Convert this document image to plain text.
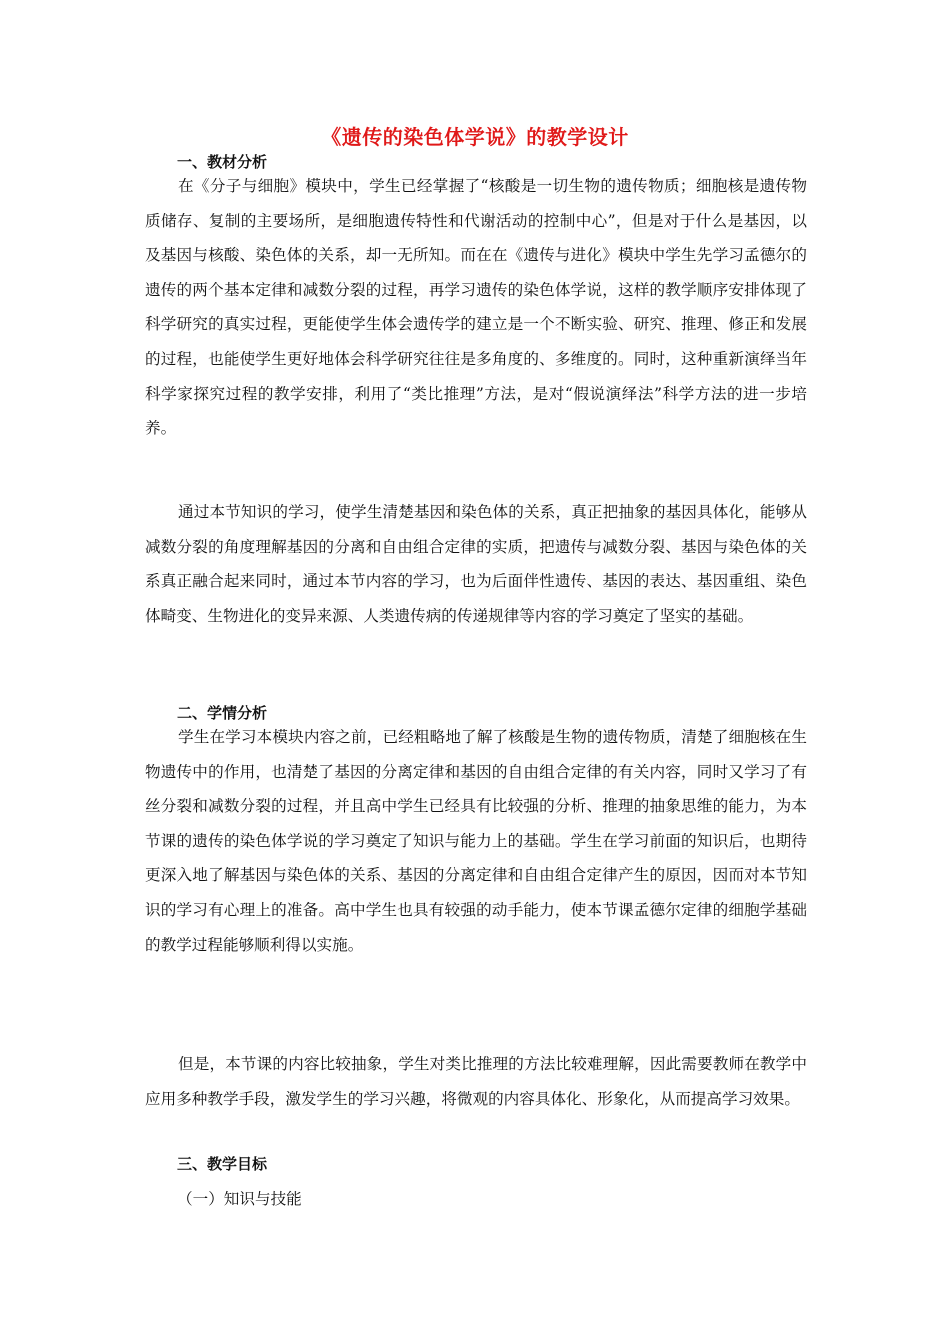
《遗传的染色体学说》的教学设计
一、教材分析

在《分子与细胞》模块中，学生已经掌握了“核酸是一切生物的遗传物质；细胞核是遗传物质储存、复制的主要场所，是细胞遗传特性和代谢活动的控制中心”，但是对于什么是基因，以及基因与核酸、染色体的关系，却一无所知。而在在《遗传与进化》模块中学生先学习孟德尔的遗传的两个基本定律和减数分裂的过程，再学习遗传的染色体学说，这样的教学顺序安排体现了科学研究的真实过程，更能使学生体会遗传学的建立是一个不断实验、研究、推理、修正和发展的过程，也能使学生更好地体会科学研究往往是多角度的、多维度的。同时，这种重新演绎当年科学家探究过程的教学安排，利用了“类比推理”方法，是对“假说演绎法”科学方法的进一步培养。

通过本节知识的学习，使学生清楚基因和染色体的关系，真正把抽象的基因具体化，能够从减数分裂的角度理解基因的分离和自由组合定律的实质，把遗传与减数分裂、基因与染色体的关系真正融合起来同时，通过本节内容的学习，也为后面伴性遗传、基因的表达、基因重组、染色体畸变、生物进化的变异来源、人类遗传病的传递规律等内容的学习奠定了坚实的基础。

二、学情分析

学生在学习本模块内容之前，已经粗略地了解了核酸是生物的遗传物质，清楚了细胞核在生物遗传中的作用，也清楚了基因的分离定律和基因的自由组合定律的有关内容，同时又学习了有丝分裂和减数分裂的过程，并且高中学生已经具有比较强的分析、推理的抽象思维的能力，为本节课的遗传的染色体学说的学习奠定了知识与能力上的基础。学生在学习前面的知识后，也期待更深入地了解基因与染色体的关系、基因的分离定律和自由组合定律产生的原因，因而对本节知识的学习有心理上的准备。高中学生也具有较强的动手能力，使本节课孟德尔定律的细胞学基础的教学过程能够顺利得以实施。

但是，本节课的内容比较抽象，学生对类比推理的方法比较难理解，因此需要教师在教学中应用多种教学手段，激发学生的学习兴趣，将微观的内容具体化、形象化，从而提高学习效果。

三、教学目标
（一）知识与技能
